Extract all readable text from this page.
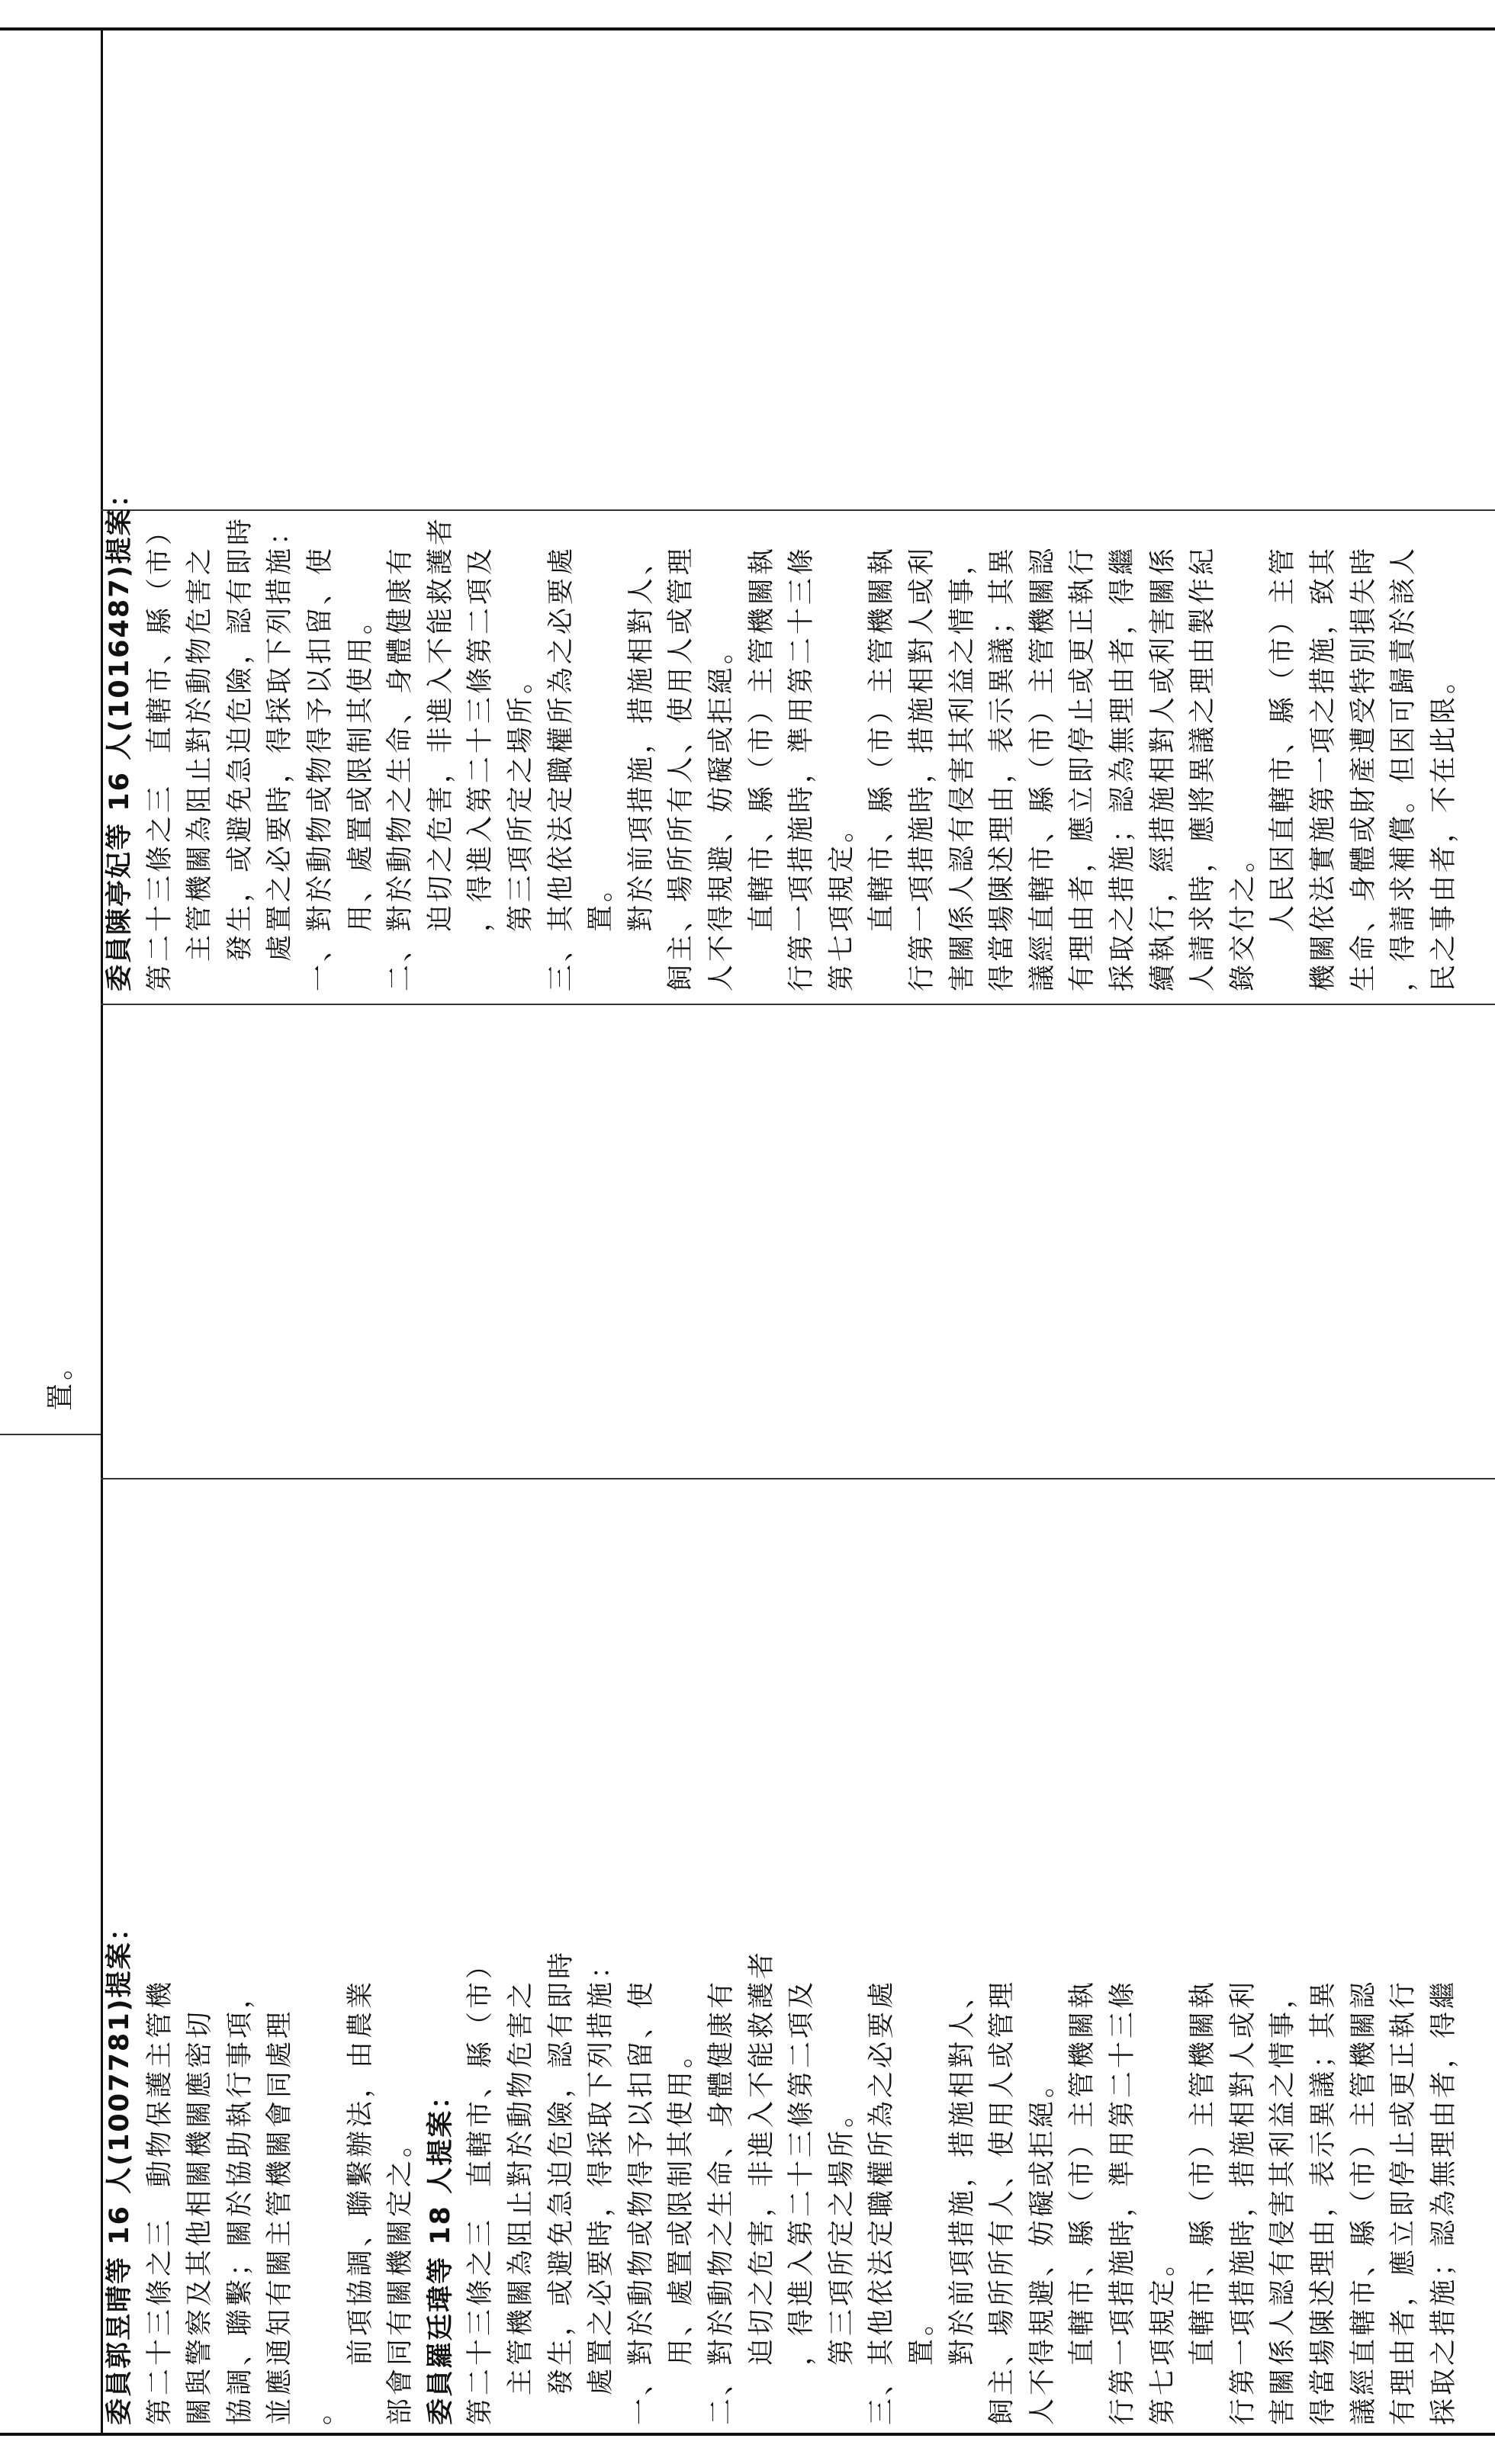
置。
委員郭昱晴等 16 人(1007781)提案： 第二十三條之三　動物保護主管機 關與警察及其他相關機關應密切 協調、聯繫；關於協助執行事項， 並應通知有關主管機關會同處理 。 　　前項協調、聯繫辦法，由農業 部會同有關機關定之。 委員羅廷瑋等 18 人提案： 第二十三條之三　直轄市、縣（市） 　主管機關為阻止對於動物危害之 　發生，或避免急迫危險，認有即時 　處置之必要時，得採取下列措施： 一、對於動物或物得予以扣留、使 　　用、處置或限制其使用。 二、對於動物之生命、身體健康有 　　迫切之危害，非進入不能救護者 　　，得進入第二十三條第二項及 　　第三項所定之場所。 三、其他依法定職權所為之必要處 　　置。 　　對於前項措施，措施相對人、 飼主、場所所有人、使用人或管理 人不得規避、妨礙或拒絕。 　　直轄市、縣（市）主管機關執 行第一項措施時，準用第二十三條 第七項規定。 　　直轄市、縣（市）主管機關執 行第一項措施時，措施相對人或利 害關係人認有侵害其利益之情事， 得當場陳述理由，表示異議；其異 議經直轄市、縣（市）主管機關認 有理由者，應立即停止或更正執行 採取之措施；認為無理由者，得繼
委員陳亭妃等 16 人(1016487)提案： 第二十三條之三　直轄市、縣（市） 　主管機關為阻止對於動物危害之 　發生，或避免急迫危險，認有即時 　處置之必要時，得採取下列措施： 一、對於動物或物得予以扣留、使 　　用、處置或限制其使用。 二、對於動物之生命、身體健康有 　　迫切之危害，非進入不能救護者 　　，得進入第二十三條第二項及 　　第三項所定之場所。 三、其他依法定職權所為之必要處 　　置。 　　對於前項措施，措施相對人、 飼主、場所所有人、使用人或管理 人不得規避、妨礙或拒絕。 　　直轄市、縣（市）主管機關執 行第一項措施時，準用第二十三條 第七項規定。 　　直轄市、縣（市）主管機關執 行第一項措施時，措施相對人或利 害關係人認有侵害其利益之情事， 得當場陳述理由，表示異議；其異 議經直轄市、縣（市）主管機關認 有理由者，應立即停止或更正執行 採取之措施；認為無理由者，得繼 續執行，經措施相對人或利害關係 人請求時，應將異議之理由製作紀 錄交付之。 　　人民因直轄市、縣（市）主管 機關依法實施第一項之措施，致其 生命、身體或財產遭受特別損失時 ，得請求補償。但因可歸責於該人 民之事由者，不在此限。
